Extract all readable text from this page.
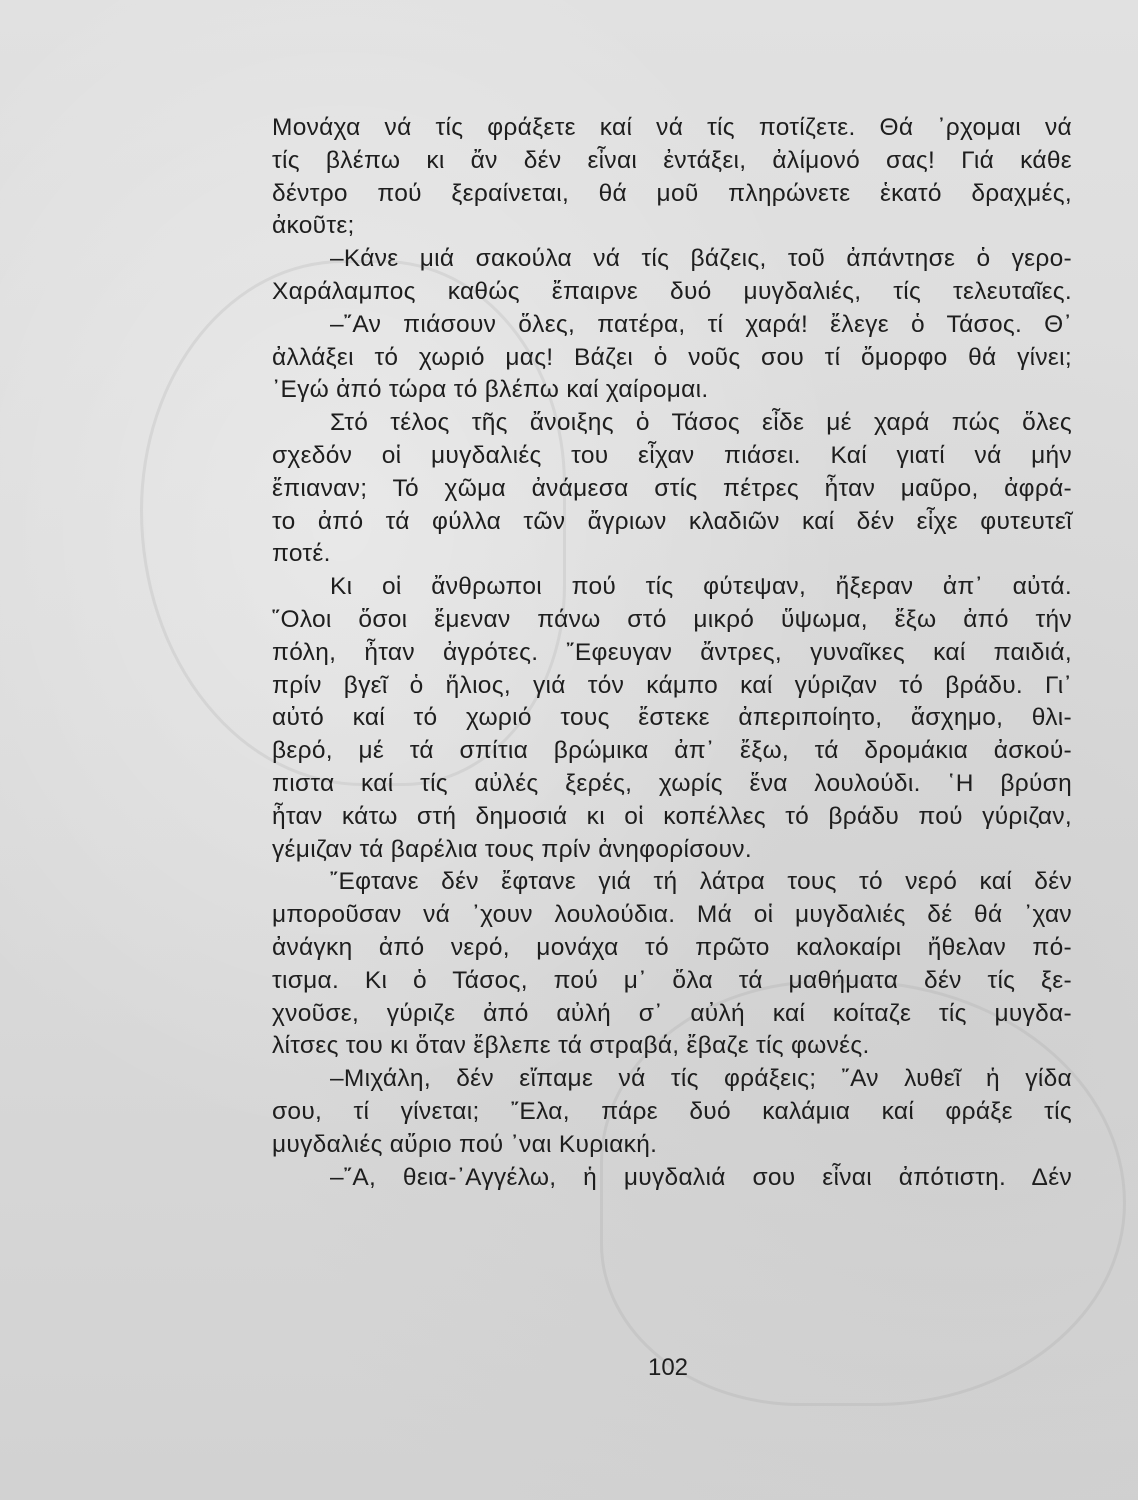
Μονάχα νά τίς φράξετε καί νά τίς ποτίζετε. Θά ᾽ρχομαι νά
τίς βλέπω κι ἄν δέν εἶναι ἐντάξει, ἀλίμονό σας! Γιά κάθε
δέντρο πού ξεραίνεται, θά μοῦ πληρώνετε ἑκατό δραχμές,
ἀκοῦτε;
–Κάνε μιά σακούλα νά τίς βάζεις, τοῦ ἀπάντησε ὁ γερο-
Χαράλαμπος καθώς ἔπαιρνε δυό μυγδαλιές, τίς τελευταῖες.
–῎Αν πιάσουν ὅλες, πατέρα, τί χαρά! ἔλεγε ὁ Τάσος. Θ᾽
ἀλλάξει τό χωριό μας! Βάζει ὁ νοῦς σου τί ὄμορφο θά γίνει;
᾽Εγώ ἀπό τώρα τό βλέπω καί χαίρομαι.
Στό τέλος τῆς ἄνοιξης ὁ Τάσος εἶδε μέ χαρά πώς ὅλες
σχεδόν οἱ μυγδαλιές του εἶχαν πιάσει. Καί γιατί νά μήν
ἔπιαναν; Τό χῶμα ἀνάμεσα στίς πέτρες ἦταν μαῦρο, ἀφρά-
το ἀπό τά φύλλα τῶν ἄγριων κλαδιῶν καί δέν εἶχε φυτευτεῖ
ποτέ.
Κι οἱ ἄνθρωποι πού τίς φύτεψαν, ἤξεραν ἀπ᾽ αὐτά.
῞Ολοι ὅσοι ἔμεναν πάνω στό μικρό ὕψωμα, ἔξω ἀπό τήν
πόλη, ἦταν ἀγρότες. ῎Εφευγαν ἄντρες, γυναῖκες καί παιδιά,
πρίν βγεῖ ὁ ἥλιος, γιά τόν κάμπο καί γύριζαν τό βράδυ. Γι᾽
αὐτό καί τό χωριό τους ἔστεκε ἀπεριποίητο, ἄσχημο, θλι-
βερό, μέ τά σπίτια βρώμικα ἀπ᾽ ἔξω, τά δρομάκια ἀσκού-
πιστα καί τίς αὐλές ξερές, χωρίς ἕνα λουλούδι. ῾Η βρύση
ἦταν κάτω στή δημοσιά κι οἱ κοπέλλες τό βράδυ πού γύριζαν,
γέμιζαν τά βαρέλια τους πρίν ἀνηφορίσουν.
῎Εφτανε δέν ἔφτανε γιά τή λάτρα τους τό νερό καί δέν
μποροῦσαν νά ᾽χουν λουλούδια. Μά οἱ μυγδαλιές δέ θά ᾽χαν
ἀνάγκη ἀπό νερό, μονάχα τό πρῶτο καλοκαίρι ἤθελαν πό-
τισμα. Κι ὁ Τάσος, πού μ᾽ ὅλα τά μαθήματα δέν τίς ξε-
χνοῦσε, γύριζε ἀπό αὐλή σ᾽ αὐλή καί κοίταζε τίς μυγδα-
λίτσες του κι ὅταν ἔβλεπε τά στραβά, ἔβαζε τίς φωνές.
–Μιχάλη, δέν εἴπαμε νά τίς φράξεις; ῎Αν λυθεῖ ἡ γίδα
σου, τί γίνεται; ῎Ελα, πάρε δυό καλάμια καί φράξε τίς
μυγδαλιές αὔριο πού ᾽ναι Κυριακή.
–῎Α, θεια-᾽Αγγέλω, ἡ μυγδαλιά σου εἶναι ἀπότιστη. Δέν
102
